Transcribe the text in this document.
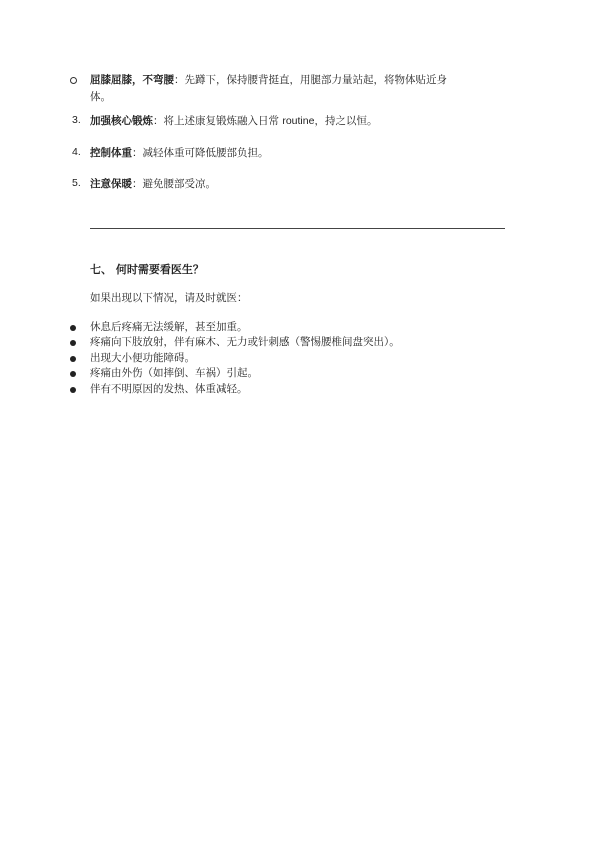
屈膝屈膝，不弯腰：先蹲下，保持腰背挺直，用腿部力量站起，将物体贴近身
体。
3. 加强核心锻炼：将上述康复锻炼融入日常 routine，持之以恒。
4. 控制体重：减轻体重可降低腰部负担。
5. 注意保暖：避免腰部受凉。
七、 何时需要看医生？
如果出现以下情况，请及时就医：
休息后疼痛无法缓解，甚至加重。
疼痛向下肢放射，伴有麻木、无力或针刺感（警惕腰椎间盘突出）。
出现大小便功能障碍。
疼痛由外伤（如摔倒、车祸）引起。
伴有不明原因的发热、体重减轻。
